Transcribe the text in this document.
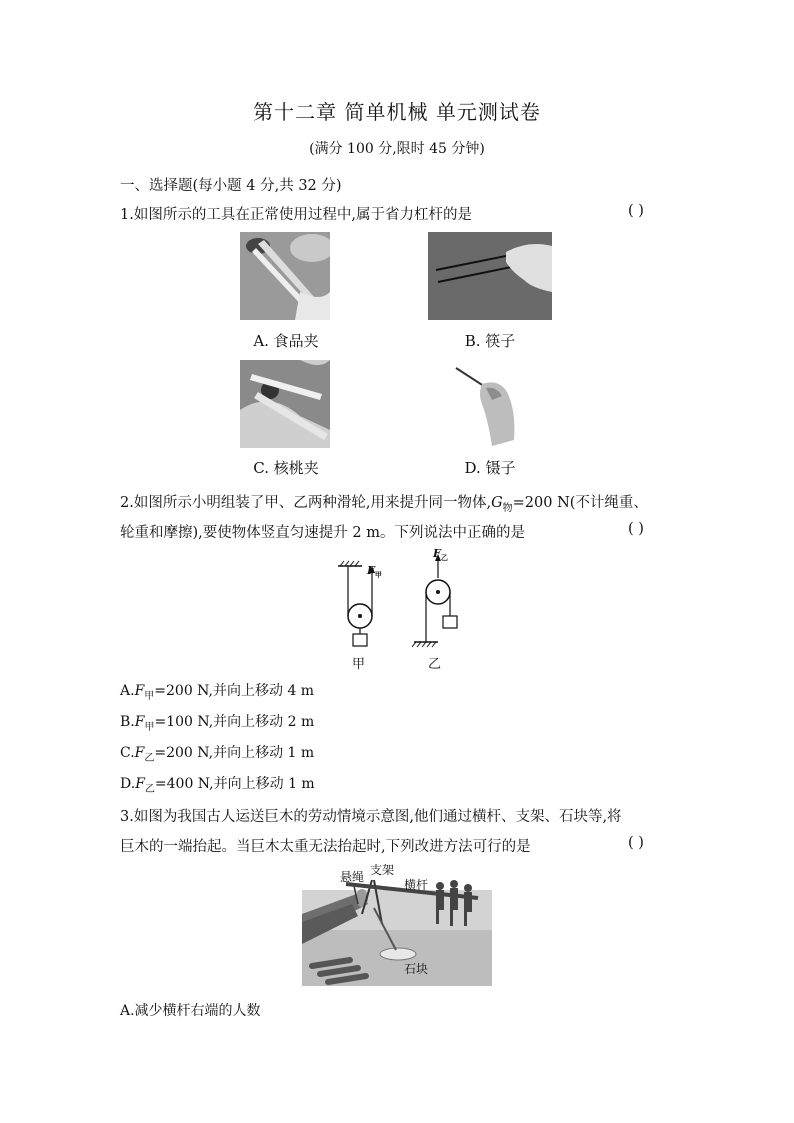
第十二章 简单机械 单元测试卷
(满分 100 分,限时 45 分钟)
一、选择题(每小题 4 分,共 32 分)
1.如图所示的工具在正常使用过程中,属于省力杠杆的是	( )
A. 食品夹	B. 筷子
C. 核桃夹	D. 镊子
2.如图所示小明组装了甲、乙两种滑轮,用来提升同一物体$,G_物=200$ N(不计绳重、
轮重和摩擦),要使物体竖直匀速提升 2 m。下列说法中正确的是	( )
$F_甲$
$F_乙$
甲	乙
$A.F_甲=200$ N,并向上移动 4 m
$B.F_甲=100$ N,并向上移动 2 m
$C.F_乙=200$ N,并向上移动 1 m
$D.F_乙=400$ N,并向上移动 1 m
3.如图为我国古人运送巨木的劳动情境示意图,他们通过横杆、支架、石块等,将
巨木的一端抬起。当巨木太重无法抬起时,下列改进方法可行的是	( )
悬绳 支架
横杆
石块
A.减少横杆右端的人数
